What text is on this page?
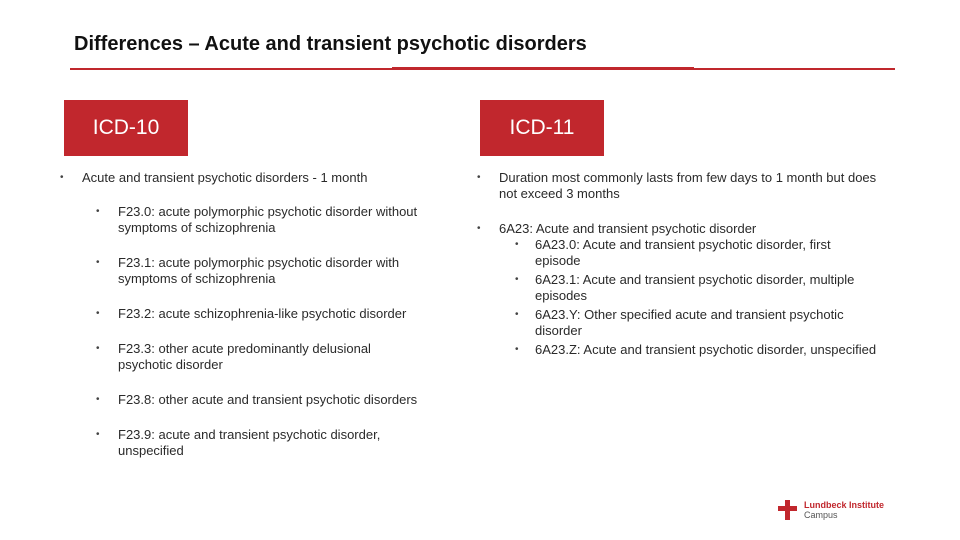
Differences – Acute and transient psychotic disorders
ICD-10	ICD-11
• Acute and transient psychotic disorders - 1 month
• F23.0: acute polymorphic psychotic disorder without symptoms of schizophrenia
• F23.1: acute polymorphic psychotic disorder with symptoms of schizophrenia
• F23.2: acute schizophrenia-like psychotic disorder
• F23.3: other acute predominantly delusional psychotic disorder
• F23.8: other acute and transient psychotic disorders
• F23.9: acute and transient psychotic disorder, unspecified
• Duration most commonly lasts from few days to 1 month but does not exceed 3 months
• 6A23: Acute and transient psychotic disorder
• 6A23.0: Acute and transient psychotic disorder, first episode
• 6A23.1: Acute and transient psychotic disorder, multiple episodes
• 6A23.Y: Other specified acute and transient psychotic disorder
• 6A23.Z: Acute and transient psychotic disorder, unspecified
Lundbeck Institute
Campus
